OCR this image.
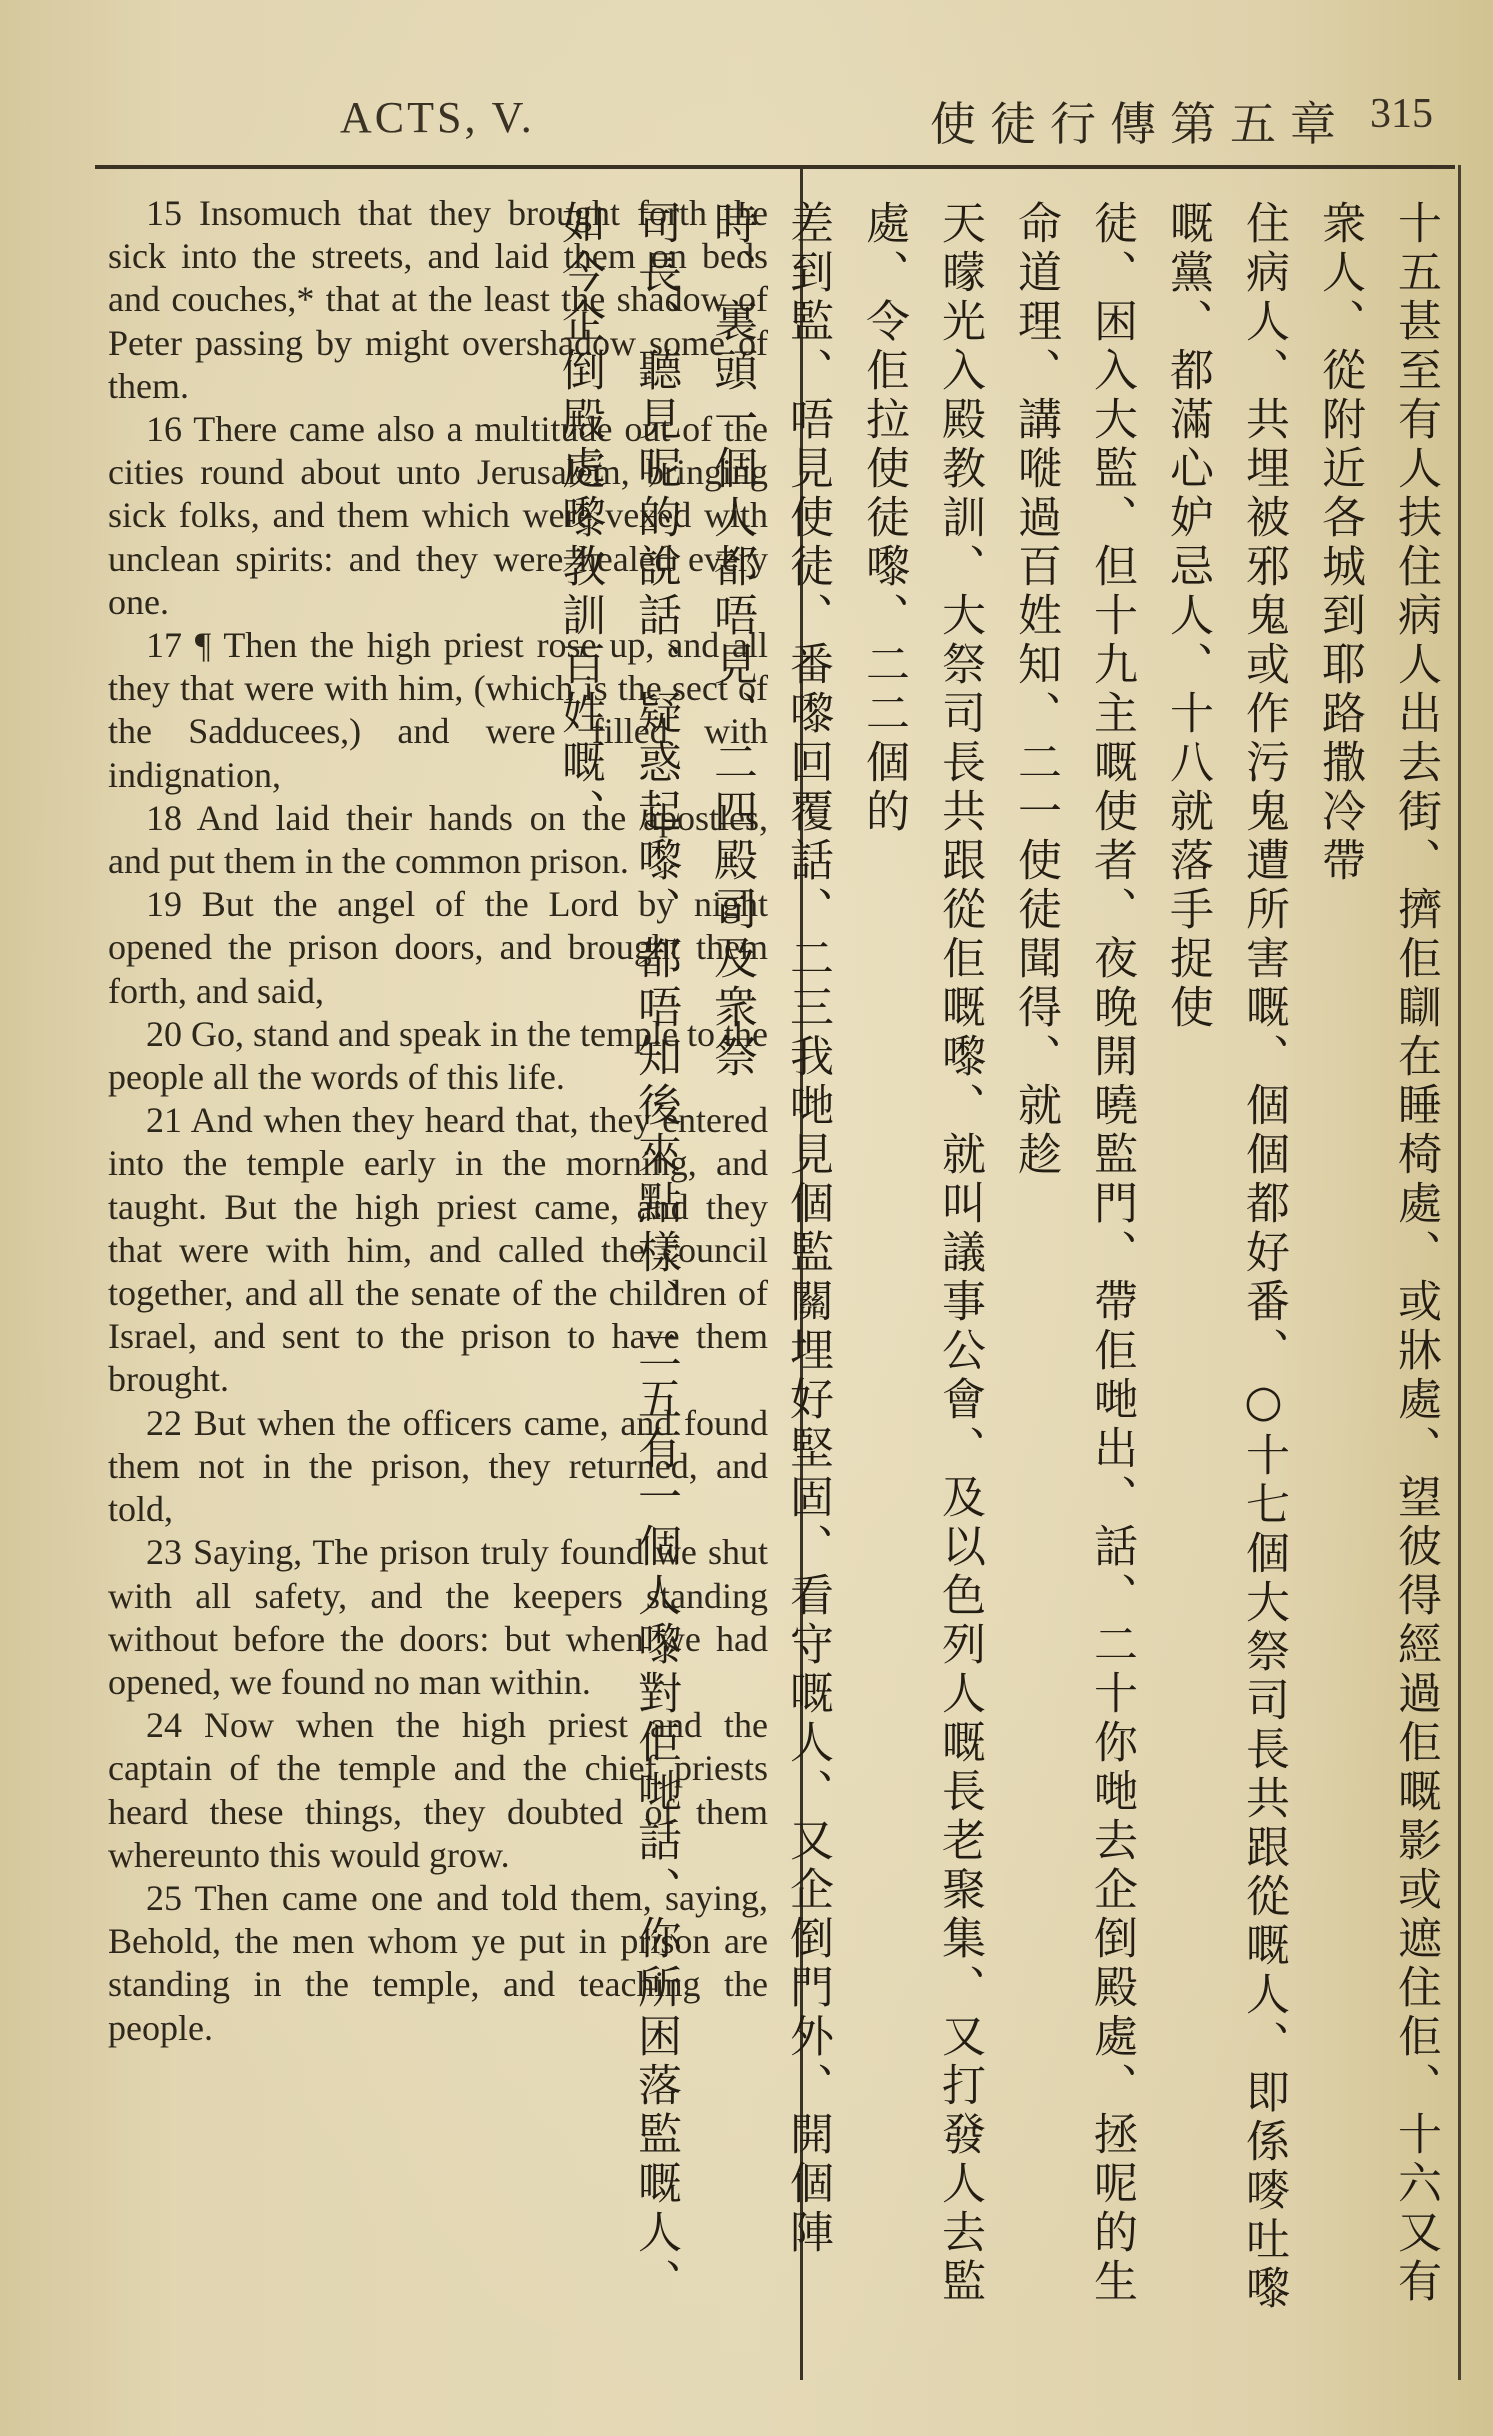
ACTS, V.	使徒行傳第五章 315

15 Insomuch that they brought forth the sick into the streets, and laid them on beds and couches,* that at the least the shadow of Peter passing by might overshadow some of them.

16 There came also a multitude out of the cities round about unto Jerusalem, bringing sick folks, and them which were vexed with unclean spirits: and they were healed every one.

17 ¶ Then the high priest rose up, and all they that were with him, (which is the sect of the Sadducees,) and were filled with indignation,

18 And laid their hands on the apostles, and put them in the common prison.

19 But the angel of the Lord by night opened the prison doors, and brought them forth, and said,

20 Go, stand and speak in the temple to the people all the words of this life.

21 And when they heard that, they entered into the temple early in the morning, and taught. But the high priest came, and they that were with him, and called the council together, and all the senate of the children of Israel, and sent to the prison to have them brought.

22 But when the officers came, and found them not in the prison, they returned, and told,

23 Saying, The prison truly found we shut with all safety, and the keepers standing without before the doors: but when we had opened, we found no man within.

24 Now when the high priest and the captain of the temple and the chief priests heard these things, they doubted of them whereunto this would grow.

25 Then came one and told them, saying, Behold, the men whom ye put in prison are standing in the temple, and teaching the people.	十五甚至有人扶住病人出去街、擠佢瞓在睡椅處、或牀處、望彼得經過佢嘅影或遮住佢、十六又有衆人、從附近各城到耶路撒冷帶
住病人、共埋被邪鬼或作污鬼遭所害嘅、個個都好番、○十七個大祭司長共跟從嘅人、即係嘜吐嚟嘅黨、都滿心妒忌人、十八就落手捉使
徒、困入大監、但十九主嘅使者、夜晚開曉監門、帶佢哋出、話、二十你哋去企倒殿處、拯呢的生命道理、講嘥過百姓知、二一使徒聞得、就趁
天曚光入殿教訓、大祭司長共跟從佢嘅嚟、就叫議事公會、及以色列人嘅長老聚集、又打發人去監處、令佢拉使徒嚟、二二個的
差到監、唔見使徒、番嚟回覆話、二三我哋見個監關埋好堅固、看守嘅人、又企倒門外、開個陣時、裏頭一個人都唔見、二四殿司及衆祭
司長、聽見呢的說話、疑惑起嚟、都唔知後來點樣、二五有一個人嚟對佢哋話、你所困落監嘅人、如今企倒殿處嚟教訓百姓嘅、
